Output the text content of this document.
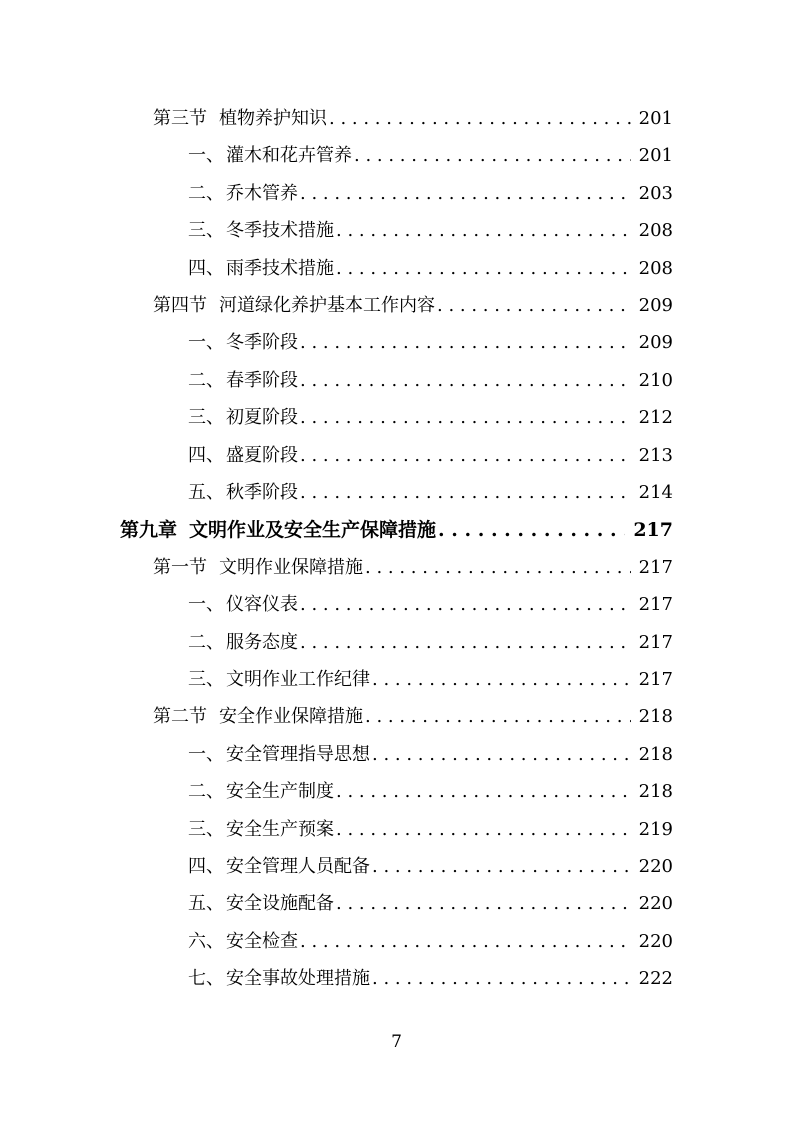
第三节 植物养护知识 . . .	201
一、 灌木和花卉管养 . . .	201
二、 乔木管养 . . .	203
三、 冬季技术措施 . . .	208
四、 雨季技术措施 . . .	208
第四节 河道绿化养护基本工作内容 . . .	209
一、 冬季阶段 . . .	209
二、 春季阶段 . . .	210
三、 初夏阶段 . . .	212
四、 盛夏阶段 . . .	213
五、 秋季阶段 . . .	214
第九章 文明作业及安全生产保障措施 . . .	217
第一节 文明作业保障措施 . . .	217
一、 仪容仪表 . . .	217
二、 服务态度 . . .	217
三、 文明作业工作纪律 . . .	217
第二节 安全作业保障措施 . . .	218
一、 安全管理指导思想 . . .	218
二、 安全生产制度 . . .	218
三、 安全生产预案 . . .	219
四、 安全管理人员配备 . . .	220
五、 安全设施配备 . . .	220
六、 安全检查 . . .	220
七、 安全事故处理措施 . . .	222
7
